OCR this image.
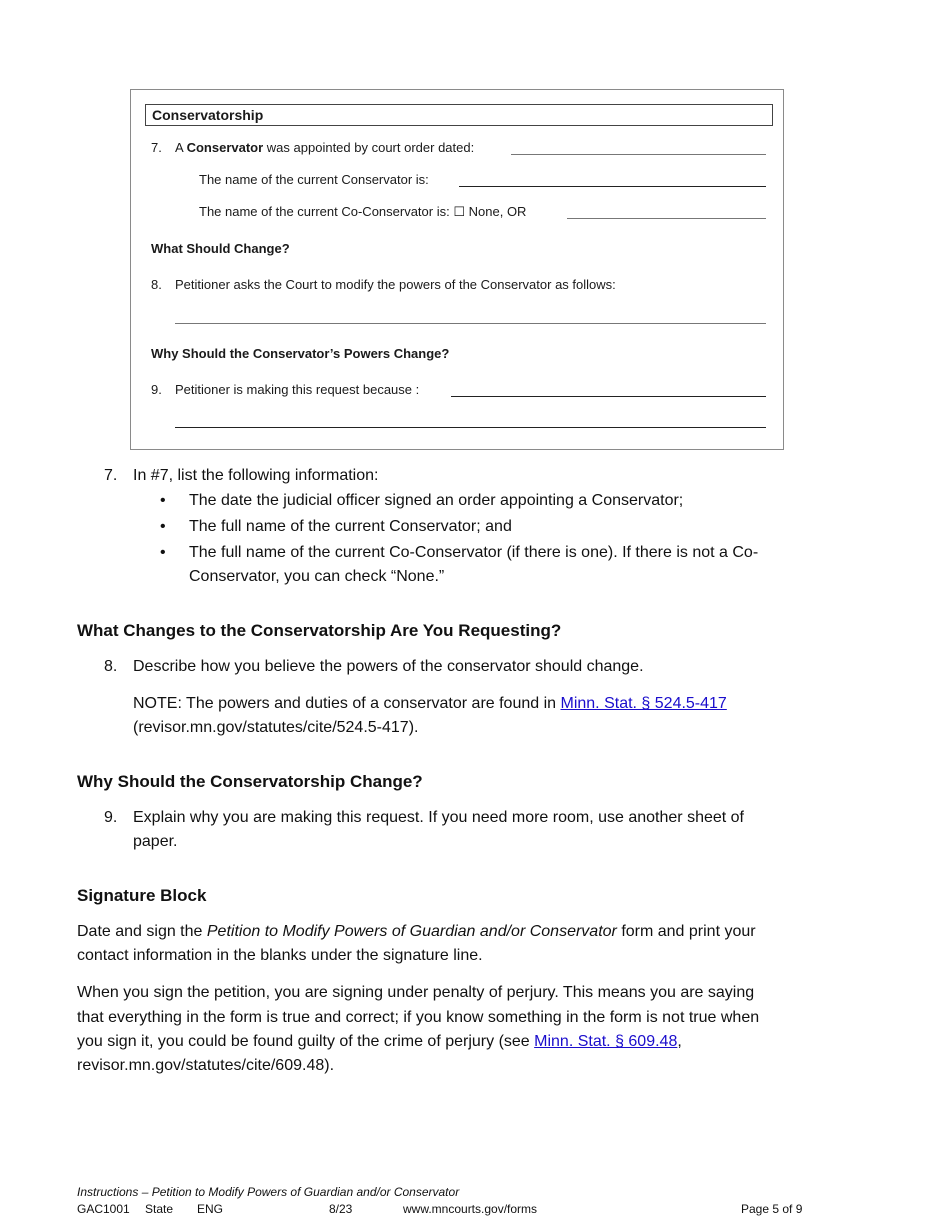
Conservatorship
7. A Conservator was appointed by court order dated:
The name of the current Conservator is:
The name of the current Co-Conservator is: ☐ None, OR
What Should Change?
8. Petitioner asks the Court to modify the powers of the Conservator as follows:
Why Should the Conservator’s Powers Change?
9. Petitioner is making this request because :
7. In #7, list the following information:
• The date the judicial officer signed an order appointing a Conservator;
• The full name of the current Conservator; and
• The full name of the current Co-Conservator (if there is one). If there is not a Co-
Conservator, you can check “None.”
What Changes to the Conservatorship Are You Requesting?
8. Describe how you believe the powers of the conservator should change.
NOTE: The powers and duties of a conservator are found in Minn. Stat. § 524.5-417
(revisor.mn.gov/statutes/cite/524.5-417).
Why Should the Conservatorship Change?
9. Explain why you are making this request. If you need more room, use another sheet of
paper.
Signature Block
Date and sign the Petition to Modify Powers of Guardian and/or Conservator form and print your
contact information in the blanks under the signature line.
When you sign the petition, you are signing under penalty of perjury. This means you are saying
that everything in the form is true and correct; if you know something in the form is not true when
you sign it, you could be found guilty of the crime of perjury (see Minn. Stat. § 609.48,
revisor.mn.gov/statutes/cite/609.48).
Instructions – Petition to Modify Powers of Guardian and/or Conservator
GAC1001 State ENG	8/23	www.mncourts.gov/forms	Page 5 of 9
